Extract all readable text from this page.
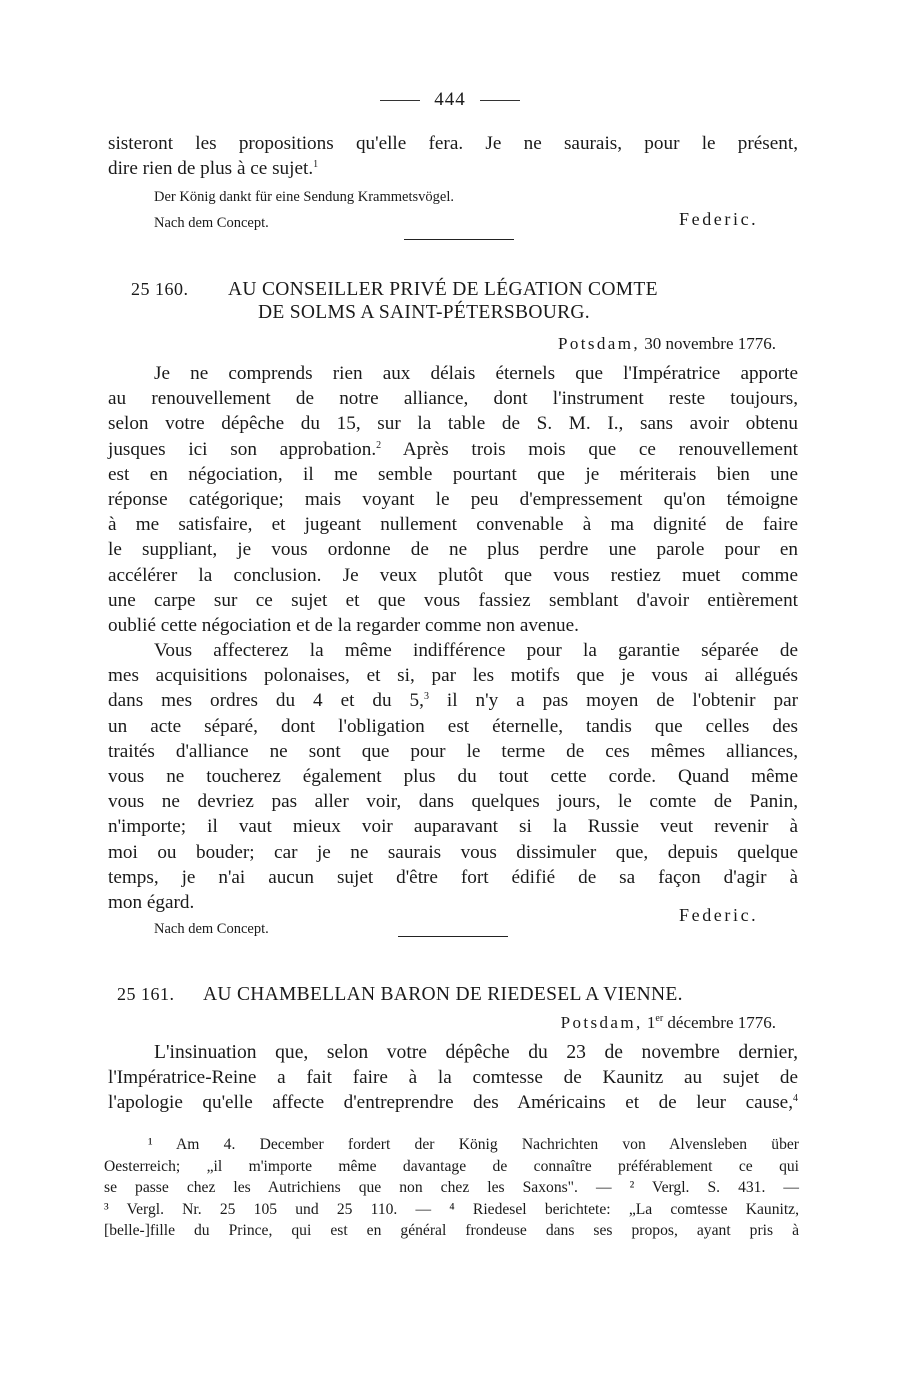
444

sisteront les propositions qu'elle fera. Je ne saurais, pour le présent,
dire rien de plus à ce sujet.$^1$

Der König dankt für eine Sendung Krammetsvögel.
Nach dem Concept.	Federic.
25 160. AU CONSEILLER PRIVÉ DE LÉGATION COMTE
DE SOLMS A SAINT-PÉTERSBOURG.
Potsdam, 30 novembre 1776.

Je ne comprends rien aux délais éternels que l'Impératrice apporte
au renouvellement de notre alliance, dont l'instrument reste toujours,
selon votre dépêche du 15, sur la table de S. M. I., sans avoir obtenu
jusques ici son approbation.$^2$ Après trois mois que ce renouvellement
est en négociation, il me semble pourtant que je mériterais bien une
réponse catégorique; mais voyant le peu d'empressement qu'on témoigne
à me satisfaire, et jugeant nullement convenable à ma dignité de faire
le suppliant, je vous ordonne de ne plus perdre une parole pour en
accélérer la conclusion. Je veux plutôt que vous restiez muet comme
une carpe sur ce sujet et que vous fassiez semblant d'avoir entièrement
oublié cette négociation et de la regarder comme non avenue.

Vous affecterez la même indifférence pour la garantie séparée de
mes acquisitions polonaises, et si, par les motifs que je vous ai allégués
dans mes ordres du 4 et du 5,$^3$ il n'y a pas moyen de l'obtenir par
un acte séparé, dont l'obligation est éternelle, tandis que celles des
traités d'alliance ne sont que pour le terme de ces mêmes alliances,
vous ne toucherez également plus du tout cette corde. Quand même
vous ne devriez pas aller voir, dans quelques jours, le comte de Panin,
n'importe; il vaut mieux voir auparavant si la Russie veut revenir à
moi ou bouder; car je ne saurais vous dissimuler que, depuis quelque
temps, je n'ai aucun sujet d'être fort édifié de sa façon d'agir à
mon égard.

Federic.
Nach dem Concept.
25 161. AU CHAMBELLAN BARON DE RIEDESEL A VIENNE.
Potsdam, 1er décembre 1776.

L'insinuation que, selon votre dépêche du 23 de novembre dernier,
l'Impératrice-Reine a fait faire à la comtesse de Kaunitz au sujet de
l'apologie qu'elle affecte d'entreprendre des Américains et de leur cause,$^4$

¹ Am 4. December fordert der König Nachrichten von Alvensleben über
Oesterreich; „il m'importe même davantage de connaître préférablement ce qui
se passe chez les Autrichiens que non chez les Saxons". — ² Vergl. S. 431. —
³ Vergl. Nr. 25 105 und 25 110. — ⁴ Riedesel berichtete: „La comtesse Kaunitz,
[belle-]fille du Prince, qui est en général frondeuse dans ses propos, ayant pris à
